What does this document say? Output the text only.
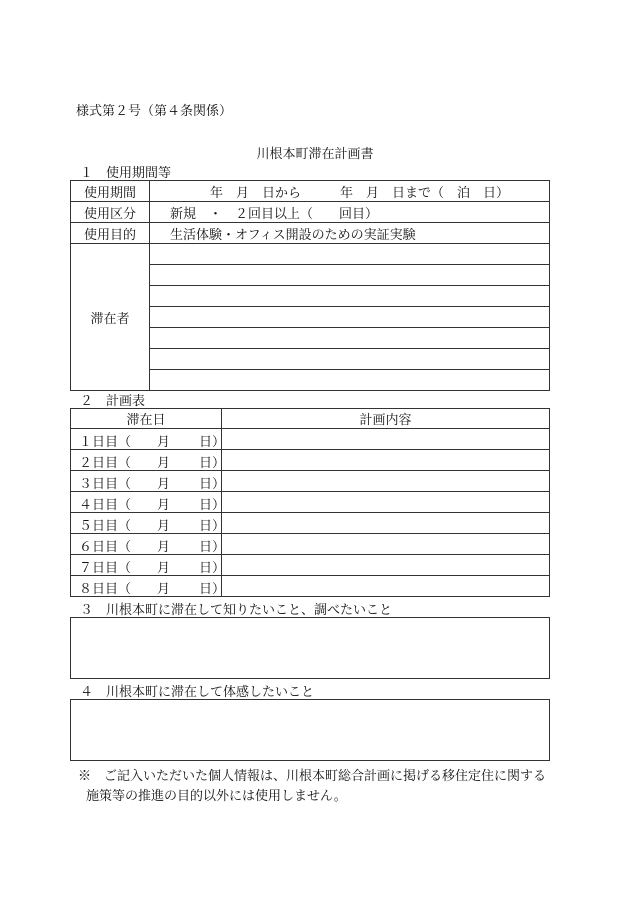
様式第２号（第４条関係）
川根本町滞在計画書
１　使用期間等
使用期間	年　月　日から　　　年　月　日まで（　泊　日）
使用区分	新規　・　２回目以上（　　回目）
使用目的	生活体験・オフィス開設のための実証実験
滞在者	

２　計画表
滞在日	計画内容

１日目（ 月 日）	

２日目（ 月 日）	

３日目（ 月 日）	

４日目（ 月 日）	

５日目（ 月 日）	

６日目（ 月 日）	

７日目（ 月 日）	

８日目（ 月 日）	

３　川根本町に滞在して知りたいこと、調べたいこと
４　川根本町に滞在して体感したいこと
※　ご記入いただいた個人情報は、川根本町総合計画に掲げる移住定住に関する
施策等の推進の目的以外には使用しません。
